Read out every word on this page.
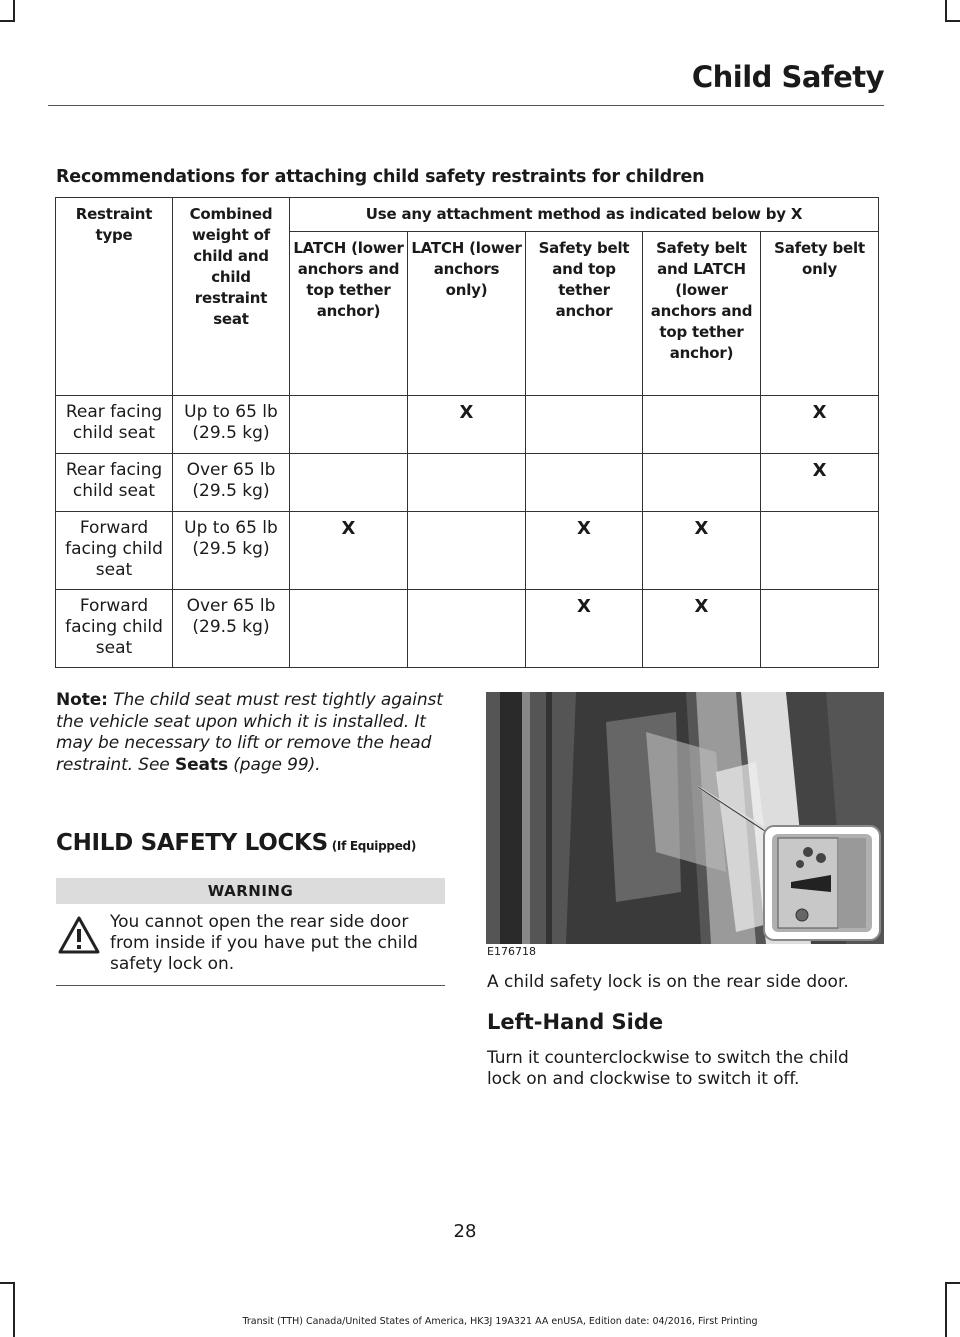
Child Safety
Recommendations for attaching child safety restraints for children
Restraint type	Combined weight of child and child restraint seat	Use any attachment method as indicated below by X				
		LATCH (lower anchors and top tether anchor)	LATCH (lower anchors only)	Safety belt and top tether anchor	Safety belt and LATCH (lower anchors and top tether anchor)	Safety belt only
Rear facing child seat	Up to 65 lb (29.5 kg)		X			X
Rear facing child seat	Over 65 lb (29.5 kg)					X
Forward facing child seat	Up to 65 lb (29.5 kg)	X		X	X	
Forward facing child seat	Over 65 lb (29.5 kg)			X	X	
Note: The child seat must rest tightly against the vehicle seat upon which it is installed. It may be necessary to lift or remove the head restraint. See Seats (page 99).
CHILD SAFETY LOCKS (If Equipped)
WARNING
You cannot open the rear side door from inside if you have put the child safety lock on.
E176718
A child safety lock is on the rear side door.
Left-Hand Side
Turn it counterclockwise to switch the child lock on and clockwise to switch it off.
28
Transit (TTH) Canada/United States of America, HK3J 19A321 AA enUSA, Edition date: 04/2016, First Printing
